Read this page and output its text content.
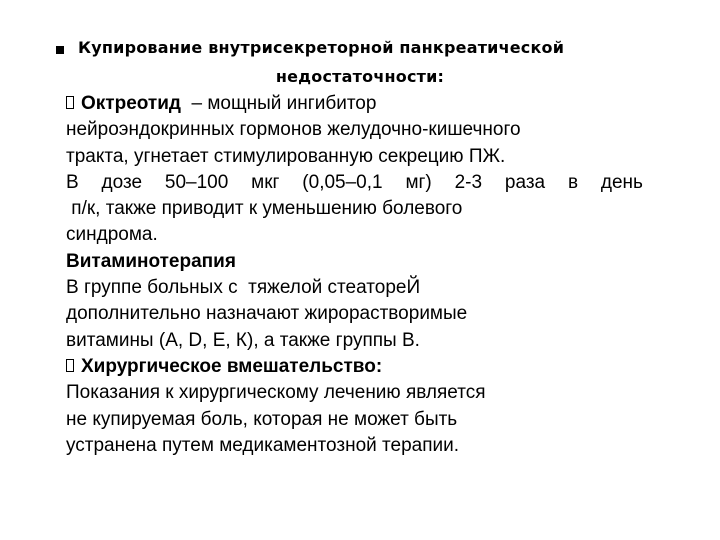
Купирование внутрисекреторной панкреатической
недостаточности:
Октреотид – мощный ингибитор
нейроэндокринных гормонов желудочно-кишечного
тракта, угнетает стимулированную секрецию ПЖ.
В дозе 50–100 мкг (0,05–0,1 мг) 2-3 раза в день
п/к, также приводит к уменьшению болевого
синдрома.
Витаминотерапия
В группе больных с  тяжелой стеатореЙ
дополнительно назначают жирорастворимые
витамины (А, D, Е, К), а также группы В.
Хирургическое вмешательство:
Показания к хирургическому лечению является
не купируемая боль, которая не может быть
устранена путем медикаментозной терапии.
